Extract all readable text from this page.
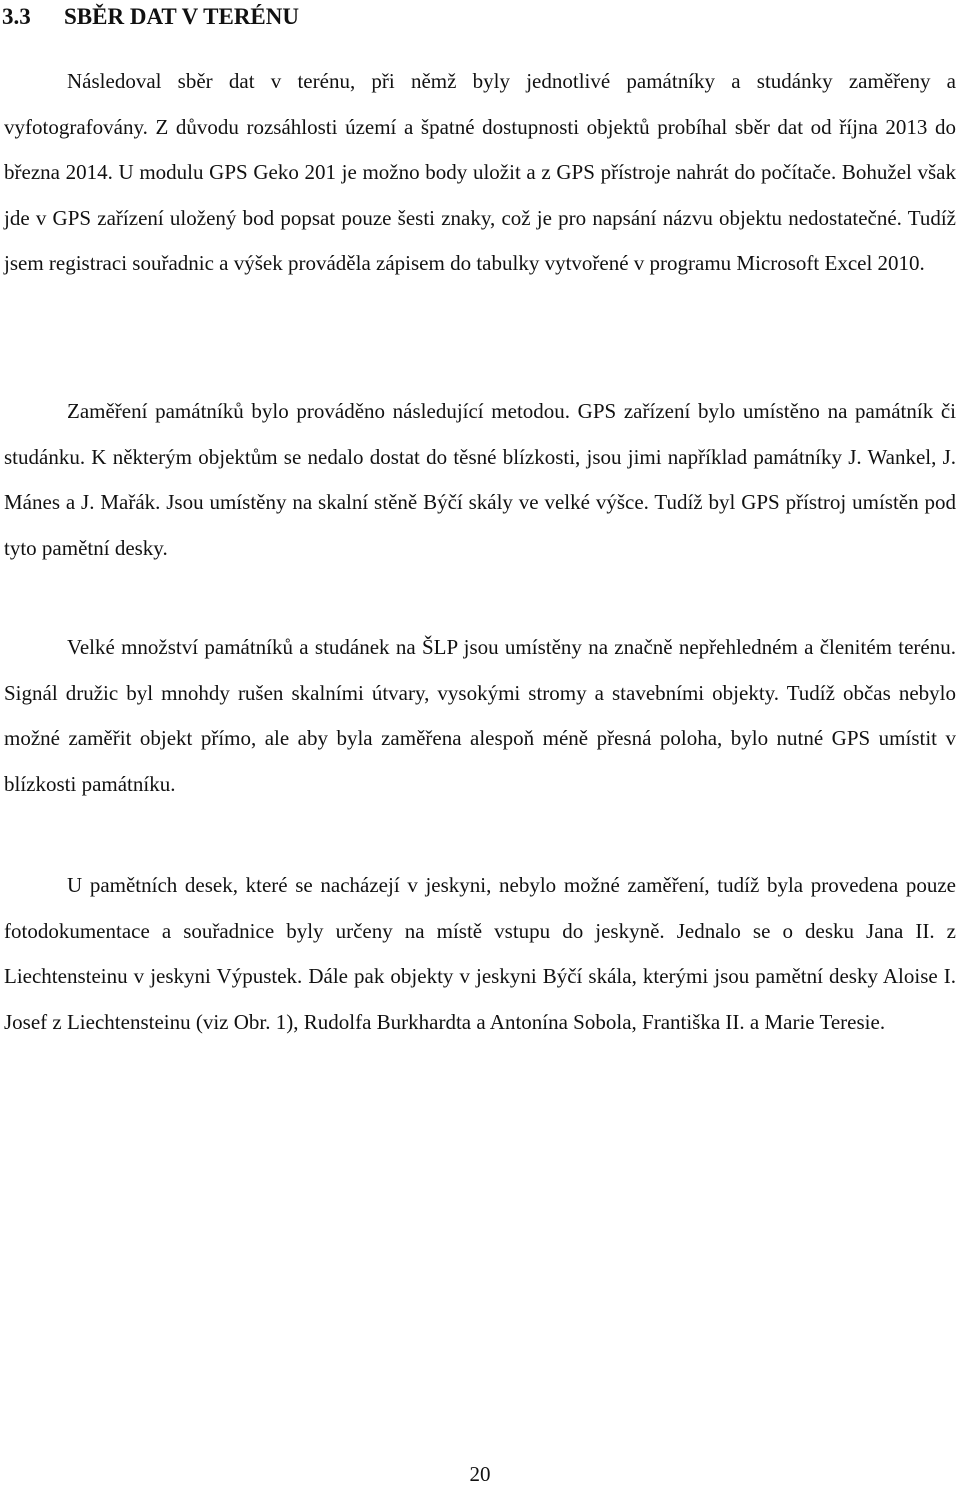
3.3 SBĚR DAT V TERÉNU

Následoval sběr dat v terénu, při němž byly jednotlivé památníky a studánky zaměřeny a vyfotografovány. Z důvodu rozsáhlosti území a špatné dostupnosti objektů probíhal sběr dat od října 2013 do března 2014. U modulu GPS Geko 201 je možno body uložit a z GPS přístroje nahrát do počítače. Bohužel však jde v GPS zařízení uložený bod popsat pouze šesti znaky, což je pro napsání názvu objektu nedostatečné. Tudíž jsem registraci souřadnic a výšek prováděla zápisem do tabulky vytvořené v programu Microsoft Excel 2010.

Zaměření památníků bylo prováděno následující metodou. GPS zařízení bylo umístěno na památník či studánku. K některým objektům se nedalo dostat do těsné blízkosti, jsou jimi například památníky J. Wankel, J. Mánes a J. Mařák. Jsou umístěny na skalní stěně Býčí skály ve velké výšce. Tudíž byl GPS přístroj umístěn pod tyto pamětní desky.

Velké množství památníků a studánek na ŠLP jsou umístěny na značně nepřehledném a členitém terénu. Signál družic byl mnohdy rušen skalními útvary, vysokými stromy a stavebními objekty. Tudíž občas nebylo možné zaměřit objekt přímo, ale aby byla zaměřena alespoň méně přesná poloha, bylo nutné GPS umístit v blízkosti památníku.

U pamětních desek, které se nacházejí v jeskyni, nebylo možné zaměření, tudíž byla provedena pouze fotodokumentace a souřadnice byly určeny na místě vstupu do jeskyně. Jednalo se o desku Jana II. z Liechtensteinu v jeskyni Výpustek. Dále pak objekty v jeskyni Býčí skála, kterými jsou pamětní desky Aloise I. Josef z Liechtensteinu (viz Obr. 1), Rudolfa Burkhardta a Antonína Sobola, Františka II. a Marie Teresie.

20
